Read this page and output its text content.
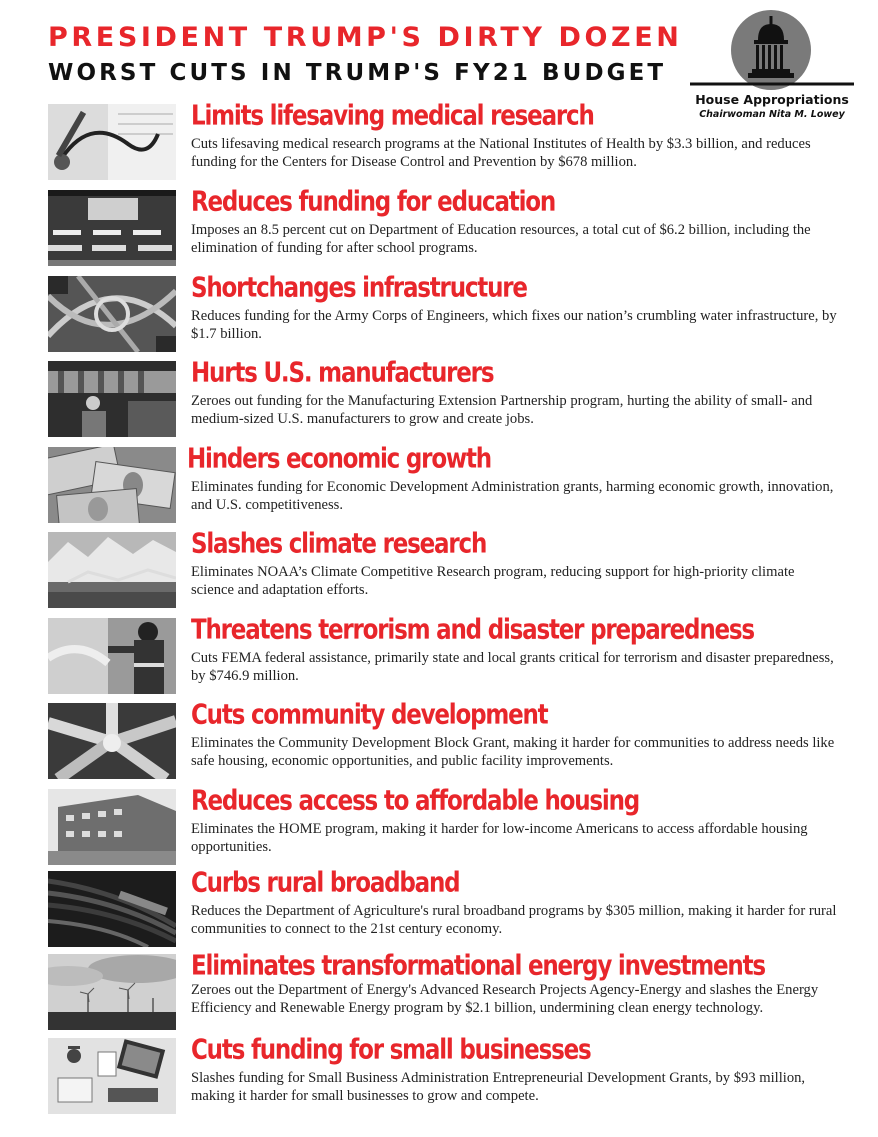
PRESIDENT TRUMP'S DIRTY DOZEN
WORST CUTS IN TRUMP'S FY21 BUDGET
House Appropriations
Chairwoman Nita M. Lowey
Limits lifesaving medical research
Cuts lifesaving medical research programs at the National Institutes of Health by $3.3 billion, and reduces funding for the Centers for Disease Control and Prevention by $678 million.
Reduces funding for education
Imposes an 8.5 percent cut on Department of Education resources, a total cut of $6.2 billion, including the elimination of funding for after school programs.
Shortchanges infrastructure
Reduces funding for the Army Corps of Engineers, which fixes our nation’s crumbling water infrastructure, by $1.7 billion.
Hurts U.S. manufacturers
Zeroes out funding for the Manufacturing Extension Partnership program, hurting the ability of small- and medium-sized U.S. manufacturers to grow and create jobs.
Hinders economic growth
Eliminates funding for Economic Development Administration grants, harming economic growth, innovation, and U.S. competitiveness.
Slashes climate research
Eliminates NOAA’s Climate Competitive Research program, reducing support for high-priority climate science and adaptation efforts.
Threatens terrorism and disaster preparedness
Cuts FEMA federal assistance, primarily state and local grants critical for terrorism and disaster preparedness, by $746.9 million.
Cuts community development
Eliminates the Community Development Block Grant, making it harder for communities to address needs like safe housing, economic opportunities, and public facility improvements.
Reduces access to affordable housing
Eliminates the HOME program, making it harder for low-income Americans to access affordable housing opportunities.
Curbs rural broadband
Reduces the Department of Agriculture's rural broadband programs by $305 million, making it harder for rural communities to connect to the 21st century economy.
Eliminates transformational energy investments
Zeroes out the Department of Energy's Advanced Research Projects Agency-Energy and slashes the Energy Efficiency and Renewable Energy program by $2.1 billion, undermining clean energy technology.
Cuts funding for small businesses
Slashes funding for Small Business Administration Entrepreneurial Development Grants, by $93 million, making it harder for small businesses to grow and compete.
